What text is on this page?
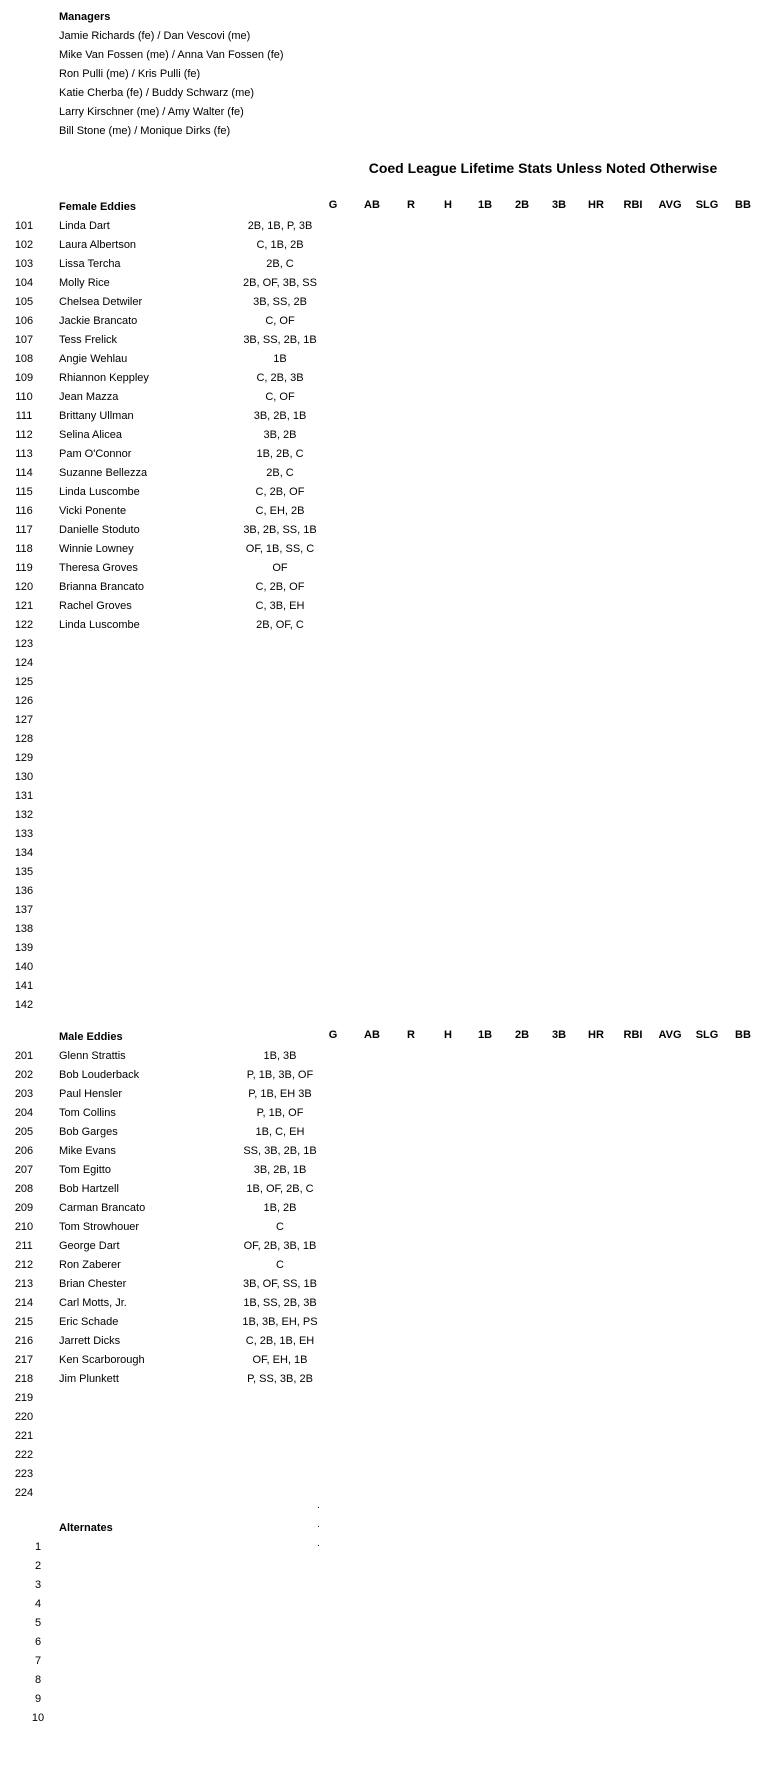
Managers
Jamie Richards (fe) / Dan Vescovi (me)
Mike Van Fossen (me) / Anna Van Fossen (fe)
Ron Pulli (me) / Kris Pulli (fe)
Katie Cherba (fe) / Buddy Schwarz (me)
Larry Kirschner (me) / Amy Walter (fe)
Bill Stone (me) / Monique Dirks (fe)
Coed League Lifetime Stats Unless Noted Otherwise
Female Eddies	G	AB	R	H	1B	2B	3B	HR	RBI	AVG	SLG	BB
101	Linda Dart	2B, 1B, P, 3B
102	Laura Albertson	C, 1B, 2B
103	Lissa Tercha	2B, C
104	Molly Rice	2B, OF, 3B, SS
105	Chelsea Detwiler	3B, SS, 2B
106	Jackie Brancato	C, OF
107	Tess Frelick	3B, SS, 2B, 1B
108	Angie Wehlau	1B
109	Rhiannon Keppley	C, 2B, 3B
110	Jean Mazza	C, OF
111	Brittany Ullman	3B, 2B, 1B
112	Selina Alicea	3B, 2B
113	Pam O'Connor	1B, 2B, C
114	Suzanne Bellezza	2B, C
115	Linda Luscombe	C, 2B, OF
116	Vicki Ponente	C, EH, 2B
117	Danielle Stoduto	3B, 2B, SS, 1B
118	Winnie Lowney	OF, 1B, SS, C
119	Theresa Groves	OF
120	Brianna Brancato	C, 2B, OF
121	Rachel Groves	C, 3B, EH
122	Linda Luscombe	2B, OF, C
123
124
125
126
127
128
129
130
131
132
133
134
135
136
137
138
139
140
141
142
Male Eddies	G	AB	R	H	1B	2B	3B	HR	RBI	AVG	SLG	BB
201	Glenn Strattis	1B, 3B
202	Bob Louderback	P, 1B, 3B, OF
203	Paul Hensler	P, 1B, EH 3B
204	Tom Collins	P, 1B, OF
205	Bob Garges	1B, C, EH
206	Mike Evans	SS, 3B, 2B, 1B
207	Tom Egitto	3B, 2B, 1B
208	Bob Hartzell	1B, OF, 2B, C
209	Carman Brancato	1B, 2B
210	Tom Strowhouer	C
211	George Dart	OF, 2B, 3B, 1B
212	Ron Zaberer	C
213	Brian Chester	3B, OF, SS, 1B
214	Carl Motts, Jr.	1B, SS, 2B, 3B
215	Eric Schade	1B, 3B, EH, PS
216	Jarrett Dicks	C, 2B, 1B, EH
217	Ken Scarborough	OF, EH, 1B
218	Jim Plunkett	P, SS, 3B, 2B
219
220
221
222
223
224
.
.
.
Alternates
1
2
3
4
5
6
7
8
9
10
